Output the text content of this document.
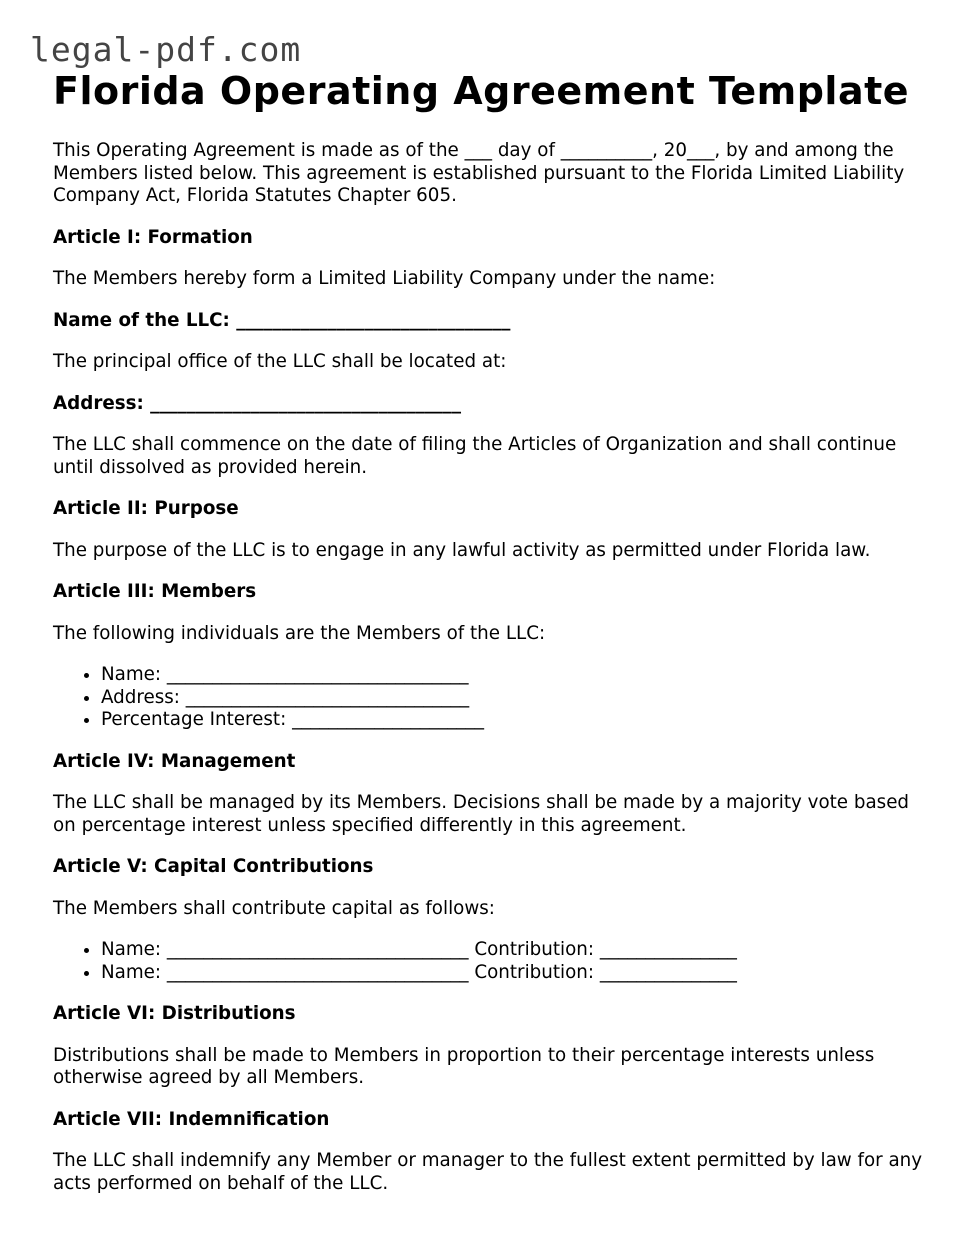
legal-pdf.com
Florida Operating Agreement Template

This Operating Agreement is made as of the ___ day of __________, 20___, by and among the Members listed below. This agreement is established pursuant to the Florida Limited Liability Company Act, Florida Statutes Chapter 605.

Article I: Formation

The Members hereby form a Limited Liability Company under the name:

Name of the LLC: ______________________________

The principal office of the LLC shall be located at:

Address: __________________________________

The LLC shall commence on the date of filing the Articles of Organization and shall continue until dissolved as provided herein.

Article II: Purpose

The purpose of the LLC is to engage in any lawful activity as permitted under Florida law.

Article III: Members

The following individuals are the Members of the LLC:

• Name: _________________________________
• Address: _______________________________
• Percentage Interest: _____________________

Article IV: Management

The LLC shall be managed by its Members. Decisions shall be made by a majority vote based on percentage interest unless specified differently in this agreement.

Article V: Capital Contributions

The Members shall contribute capital as follows:

• Name: _________________________________ Contribution: _______________
• Name: _________________________________ Contribution: _______________

Article VI: Distributions

Distributions shall be made to Members in proportion to their percentage interests unless otherwise agreed by all Members.

Article VII: Indemnification

The LLC shall indemnify any Member or manager to the fullest extent permitted by law for any acts performed on behalf of the LLC.
